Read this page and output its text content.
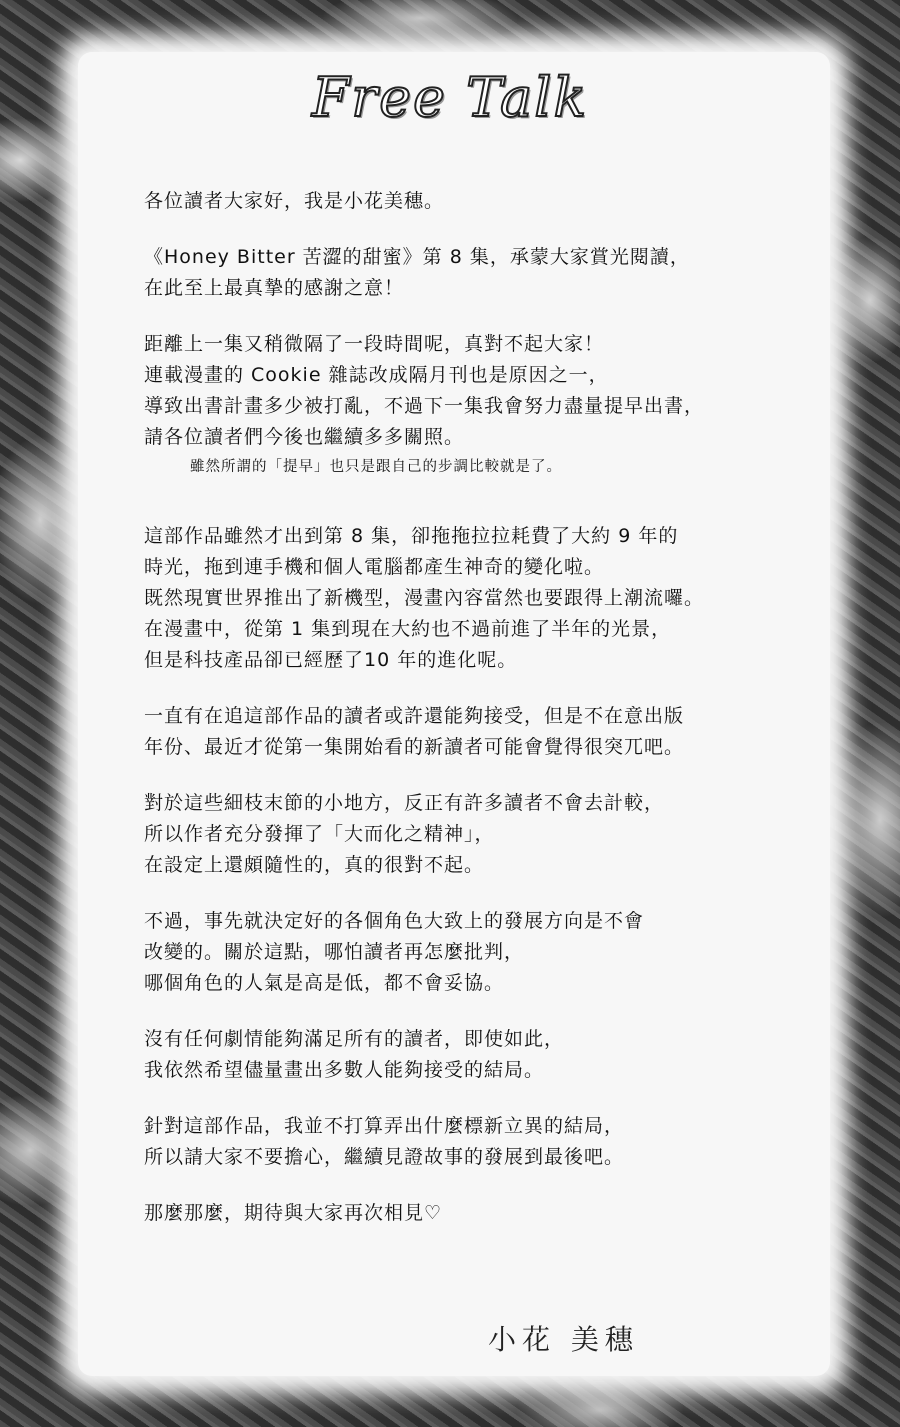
Free Talk
各位讀者大家好，我是小花美穗。
《Honey Bitter 苦澀的甜蜜》第 8 集，承蒙大家賞光閱讀，
在此至上最真摯的感謝之意！
距離上一集又稍微隔了一段時間呢，真對不起大家！
連載漫畫的 Cookie 雜誌改成隔月刊也是原因之一，
導致出書計畫多少被打亂，不過下一集我會努力盡量提早出書，
請各位讀者們今後也繼續多多關照。
雖然所謂的「提早」也只是跟自己的步調比較就是了。
這部作品雖然才出到第 8 集，卻拖拖拉拉耗費了大約 9 年的
時光，拖到連手機和個人電腦都產生神奇的變化啦。
既然現實世界推出了新機型，漫畫內容當然也要跟得上潮流囉。
在漫畫中，從第 1 集到現在大約也不過前進了半年的光景，
但是科技產品卻已經歷了10 年的進化呢。
一直有在追這部作品的讀者或許還能夠接受，但是不在意出版
年份、最近才從第一集開始看的新讀者可能會覺得很突兀吧。
對於這些細枝末節的小地方，反正有許多讀者不會去計較，
所以作者充分發揮了「大而化之精神」，
在設定上還頗隨性的，真的很對不起。
不過，事先就決定好的各個角色大致上的發展方向是不會
改變的。關於這點，哪怕讀者再怎麼批判，
哪個角色的人氣是高是低，都不會妥協。
沒有任何劇情能夠滿足所有的讀者，即使如此，
我依然希望儘量畫出多數人能夠接受的結局。
針對這部作品，我並不打算弄出什麼標新立異的結局，
所以請大家不要擔心，繼續見證故事的發展到最後吧。
那麼那麼，期待與大家再次相見♡
小花 美穗
